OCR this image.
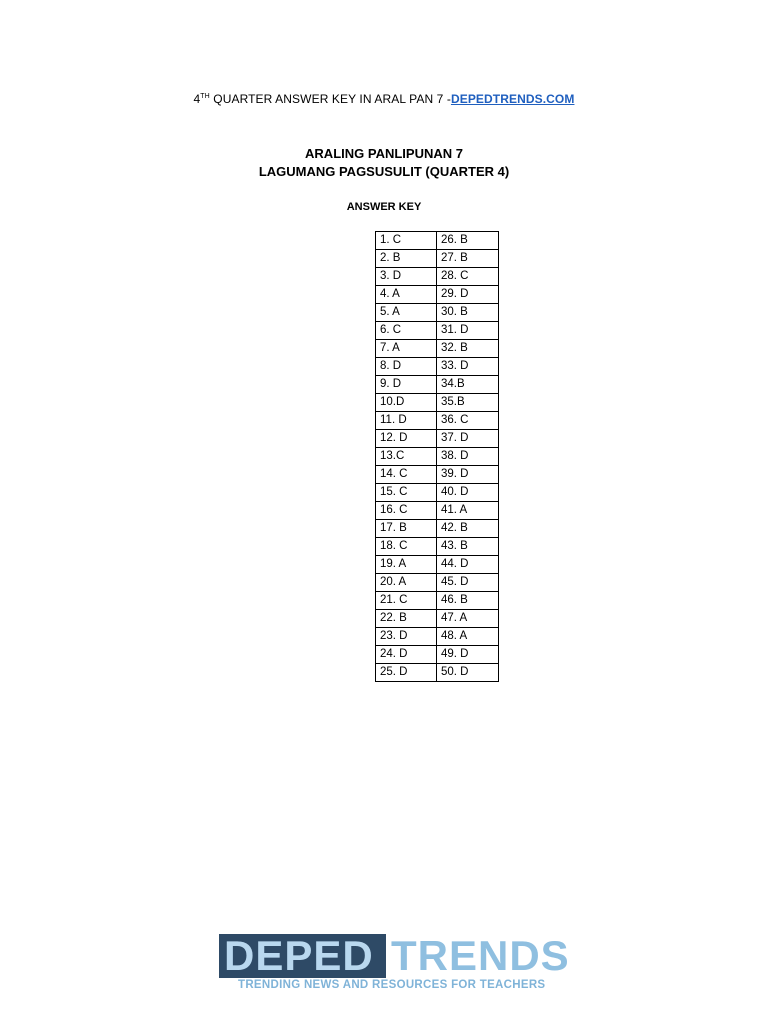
4TH QUARTER ANSWER KEY IN ARAL PAN 7 -DEPEDTRENDS.COM
ARALING PANLIPUNAN 7
LAGUMANG PAGSUSULIT (QUARTER 4)
ANSWER KEY
1. C	26. B
2. B	27. B
3. D	28. C
4. A	29. D
5. A	30. B
6. C	31. D
7. A	32. B
8. D	33. D
9. D	34.B
10.D	35.B
11. D	36. C
12. D	37. D
13.C	38. D
14. C	39. D
15. C	40. D
16. C	41. A
17. B	42. B
18. C	43. B
19. A	44. D
20. A	45. D
21. C	46. B
22. B	47. A
23. D	48. A
24. D	49. D
25. D	50. D
DEPED TRENDS
TRENDING NEWS AND RESOURCES FOR TEACHERS
